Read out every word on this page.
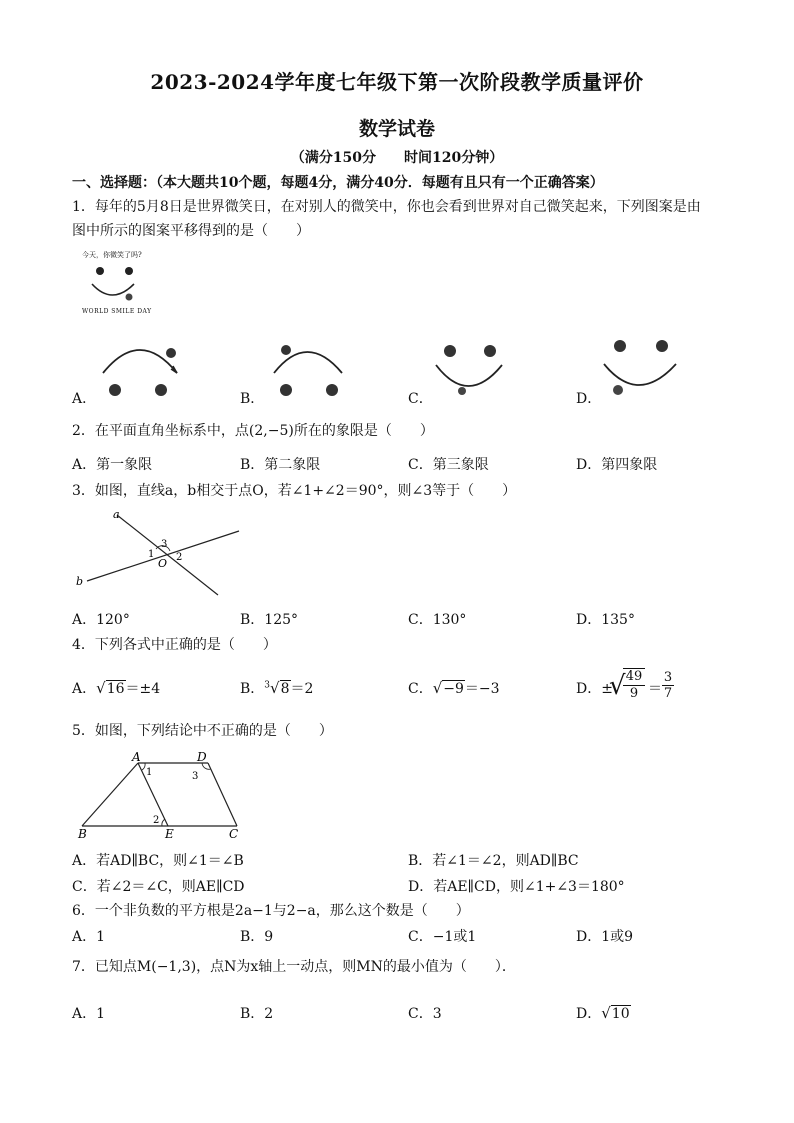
2023-2024学年度七年级下第一次阶段教学质量评价
数学试卷
（满分150分　　时间120分钟）
一、选择题：（本大题共10个题，每题4分，满分40分．每题有且只有一个正确答案）
1．每年的5月8日是世界微笑日，在对别人的微笑中，你也会看到世界对自己微笑起来，下列图案是由
图中所示的图案平移得到的是（　　）
今天，你微笑了吗?
WORLD SMILE DAY
A．	B．	C．	D．
2．在平面直角坐标系中，点(2,−5)所在的象限是（　　）
A．第一象限	B．第二象限	C．第三象限	D．第四象限
3．如图，直线a，b相交于点O，若∠1+∠2＝90°，则∠3等于（　　）
a
b
O
1 2
3
A．120°	B．125°	C．130°	D．135°
4．下列各式中正确的是（　　）
A．√16＝±4	B．$^3$√8＝2	C．√−9＝−3	D．±
√ 49
9 ＝
3
7
5．如图，下列结论中不正确的是（　　）
A	D
B	E	C
1
2
3
A．若AD∥BC，则∠1＝∠B	B．若∠1＝∠2，则AD∥BC
C．若∠2＝∠C，则AE∥CD	D．若AE∥CD，则∠1+∠3＝180°
6．一个非负数的平方根是2a−1与2−a，那么这个数是（　　）
A．1	B．9	C．−1或1	D．1或9
7．已知点M(−1,3)，点N为x轴上一动点，则MN的最小值为（　　）．
A．1	B．2	C．3	D．√10
